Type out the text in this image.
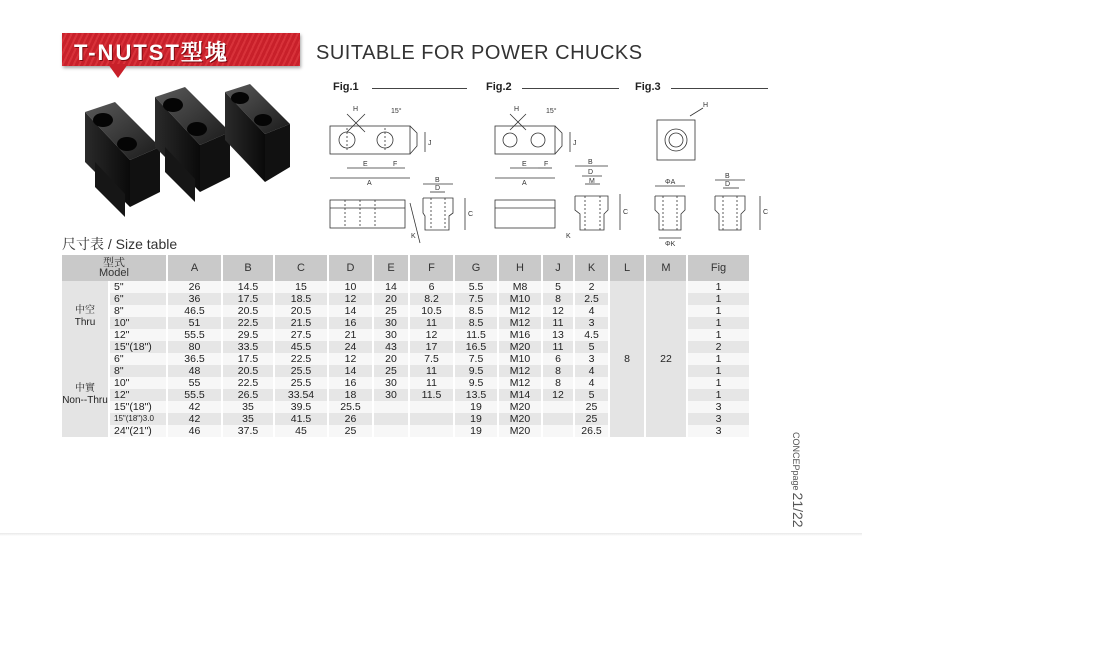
T-NUTST型塊	SUITABLE FOR POWER CHUCKS
Fig.1	Fig.2	Fig.3
H	15°
E	F
A
J
B
D
C
K
H	15°
E F
A
J
B
D
M
C
K
H
ΦA
ΦK
B
D
C
尺寸表 / Size table
型式
Model		A	B	C	D	E	F	G	H	J	K	L	M	Fig
中空
Thru	5"	26	14.5	15	10	14	6	5.5	M8	5	2	8	22	1
	6"	36	17.5	18.5	12	20	8.2	7.5	M10	8	2.5			1
	8"	46.5	20.5	20.5	14	25	10.5	8.5	M12	12	4			1
	10"	51	22.5	21.5	16	30	11	8.5	M12	11	3			1
	12"	55.5	29.5	27.5	21	30	12	11.5	M16	13	4.5			1
	15"(18")	80	33.5	45.5	24	43	17	16.5	M20	11	5			2
中實
Non--Thru	6"	36.5	17.5	22.5	12	20	7.5	7.5	M10	6	3			1
	8"	48	20.5	25.5	14	25	11	9.5	M12	8	4			1
	10"	55	22.5	25.5	16	30	11	9.5	M12	8	4			1
	12"	55.5	26.5	33.54	18	30	11.5	13.5	M14	12	5			1
	15"(18")	42	35	39.5	25.5			19	M20		25			3
	15"(18")3.0	42	35	41.5	26			19	M20		25			3
	24"(21")	46	37.5	45	25			19	M20		26.5			3
CONCEPpage21/22
